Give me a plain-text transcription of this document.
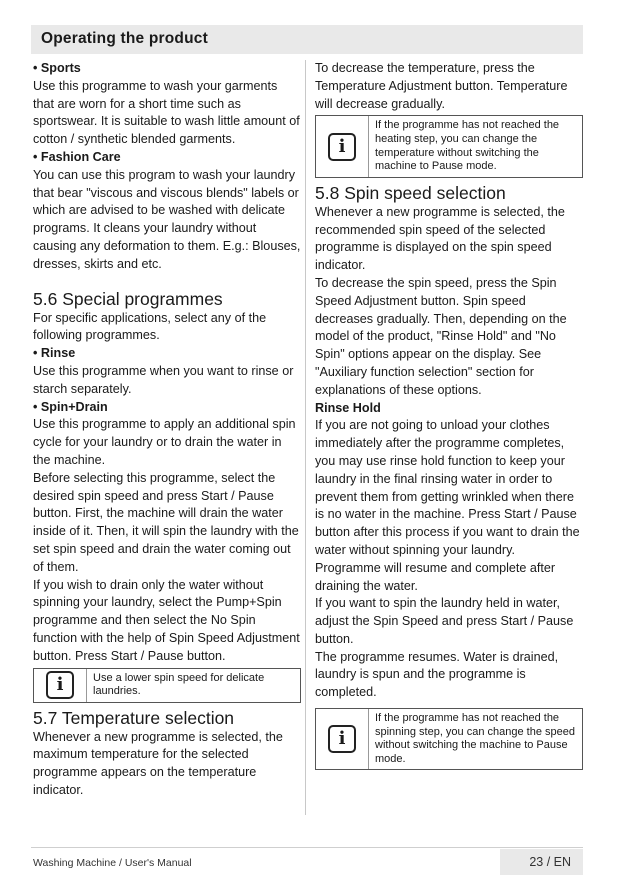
Operating the product

• Sports

Use this programme to wash your garments that are worn for a short time such as sportswear. It is suitable to wash little amount of cotton / synthetic blended garments.

• Fashion Care

You can use this program to wash your laundry that bear "viscous and viscous blends" labels or which are advised to be washed with delicate programs. It cleans your laundry without causing any deformation to them. E.g.: Blouses, dresses, skirts and etc.

5.6 Special programmes

For specific applications, select any of the following programmes.

• Rinse

Use this programme when you want to rinse or starch separately.

• Spin+Drain

Use this programme to apply an additional spin cycle for your laundry or to drain the water in the machine.

Before selecting this programme, select the desired spin speed and press Start / Pause button. First, the machine will drain the water inside of it. Then, it will spin the laundry with the set spin speed and drain the water coming out of them.

If you wish to drain only the water without spinning your laundry, select the Pump+Spin programme and then select the No Spin function with the help of Spin Speed Adjustment button. Press Start / Pause button.

i	Use a lower spin speed for delicate laundries.
5.7 Temperature selection

Whenever a new programme is selected, the maximum temperature for the selected programme appears on the temperature indicator.

To decrease the temperature, press the Temperature Adjustment button. Temperature will decrease gradually.

i
If the programme has not reached the heating step, you can change the temperature without switching the machine to Pause mode.
5.8 Spin speed selection

Whenever a new programme is selected, the recommended spin speed of the selected programme is displayed on the spin speed indicator.

To decrease the spin speed, press the Spin Speed Adjustment button. Spin speed decreases gradually. Then, depending on the model of the product, "Rinse Hold" and "No Spin" options appear on the display. See "Auxiliary function selection" section for explanations of these options.

Rinse Hold

If you are not going to unload your clothes immediately after the programme completes, you may use rinse hold function to keep your laundry in the final rinsing water in order to prevent them from getting wrinkled when there is no water in the machine. Press Start / Pause button after this process if you want to drain the water without spinning your laundry. Programme will resume and complete after draining the water.

If you want to spin the laundry held in water, adjust the Spin Speed and press Start / Pause button.

The programme resumes. Water is drained, laundry is spun and the programme is completed.

i
If the programme has not reached the spinning step, you can change the speed without switching the machine to Pause mode.
Washing Machine / User's Manual	23 / EN
